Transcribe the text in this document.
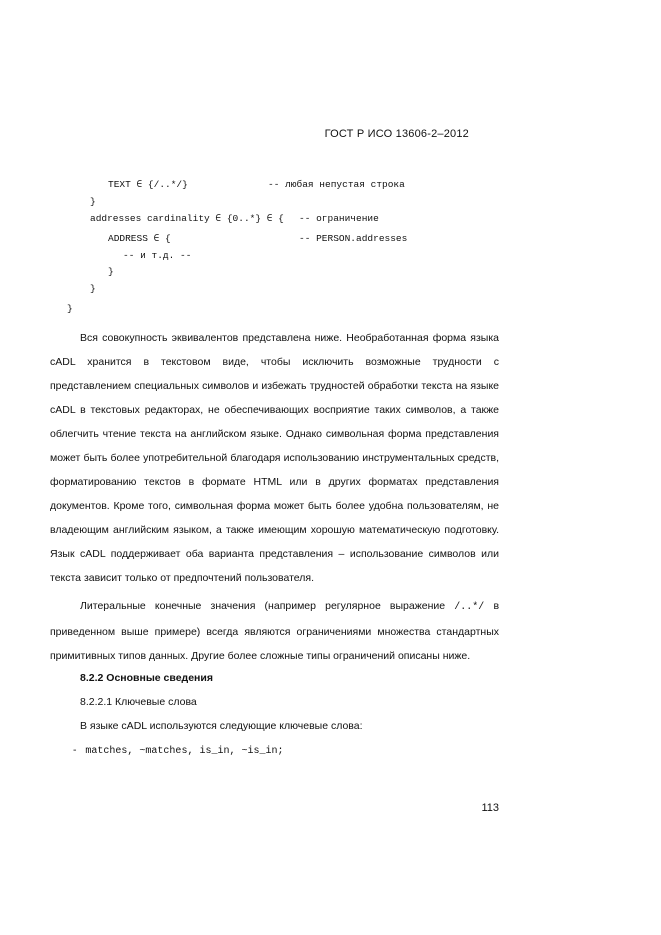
ГОСТ Р ИСО 13606-2–2012
TEXT ∈ {/..*/}	-- любая непустая строка
}
addresses cardinality ∈ {0..*} ∈ { -- ограничение
ADDRESS ∈ {	-- PERSON.addresses
-- и т.д. --
}
}
}

Вся совокупность эквивалентов представлена ниже. Необработанная форма языка cADL хранится в текстовом виде, чтобы исключить возможные трудности с представлением специальных символов и избежать трудностей обработки текста на языке cADL в текстовых редакторах, не обеспечивающих восприятие таких символов, а также облегчить чтение текста на английском языке. Однако символьная форма представления может быть более употребительной благодаря использованию инструментальных средств, форматированию текстов в формате HTML или в других форматах представления документов. Кроме того, символьная форма может быть более удобна пользователям, не владеющим английским языком, а также имеющим хорошую математическую подготовку. Язык cADL поддерживает оба варианта представления – использование символов или текста зависит только от предпочтений пользователя.

Литеральные конечные значения (например регулярное выражение /..*/ в приведенном выше примере) всегда являются ограничениями множества стандартных примитивных типов данных. Другие более сложные типы ограничений описаны ниже.

8.2.2 Основные сведения
8.2.2.1 Ключевые слова
В языке cADL используются следующие ключевые слова:
- matches, ~matches, is_in, ~is_in;
113
